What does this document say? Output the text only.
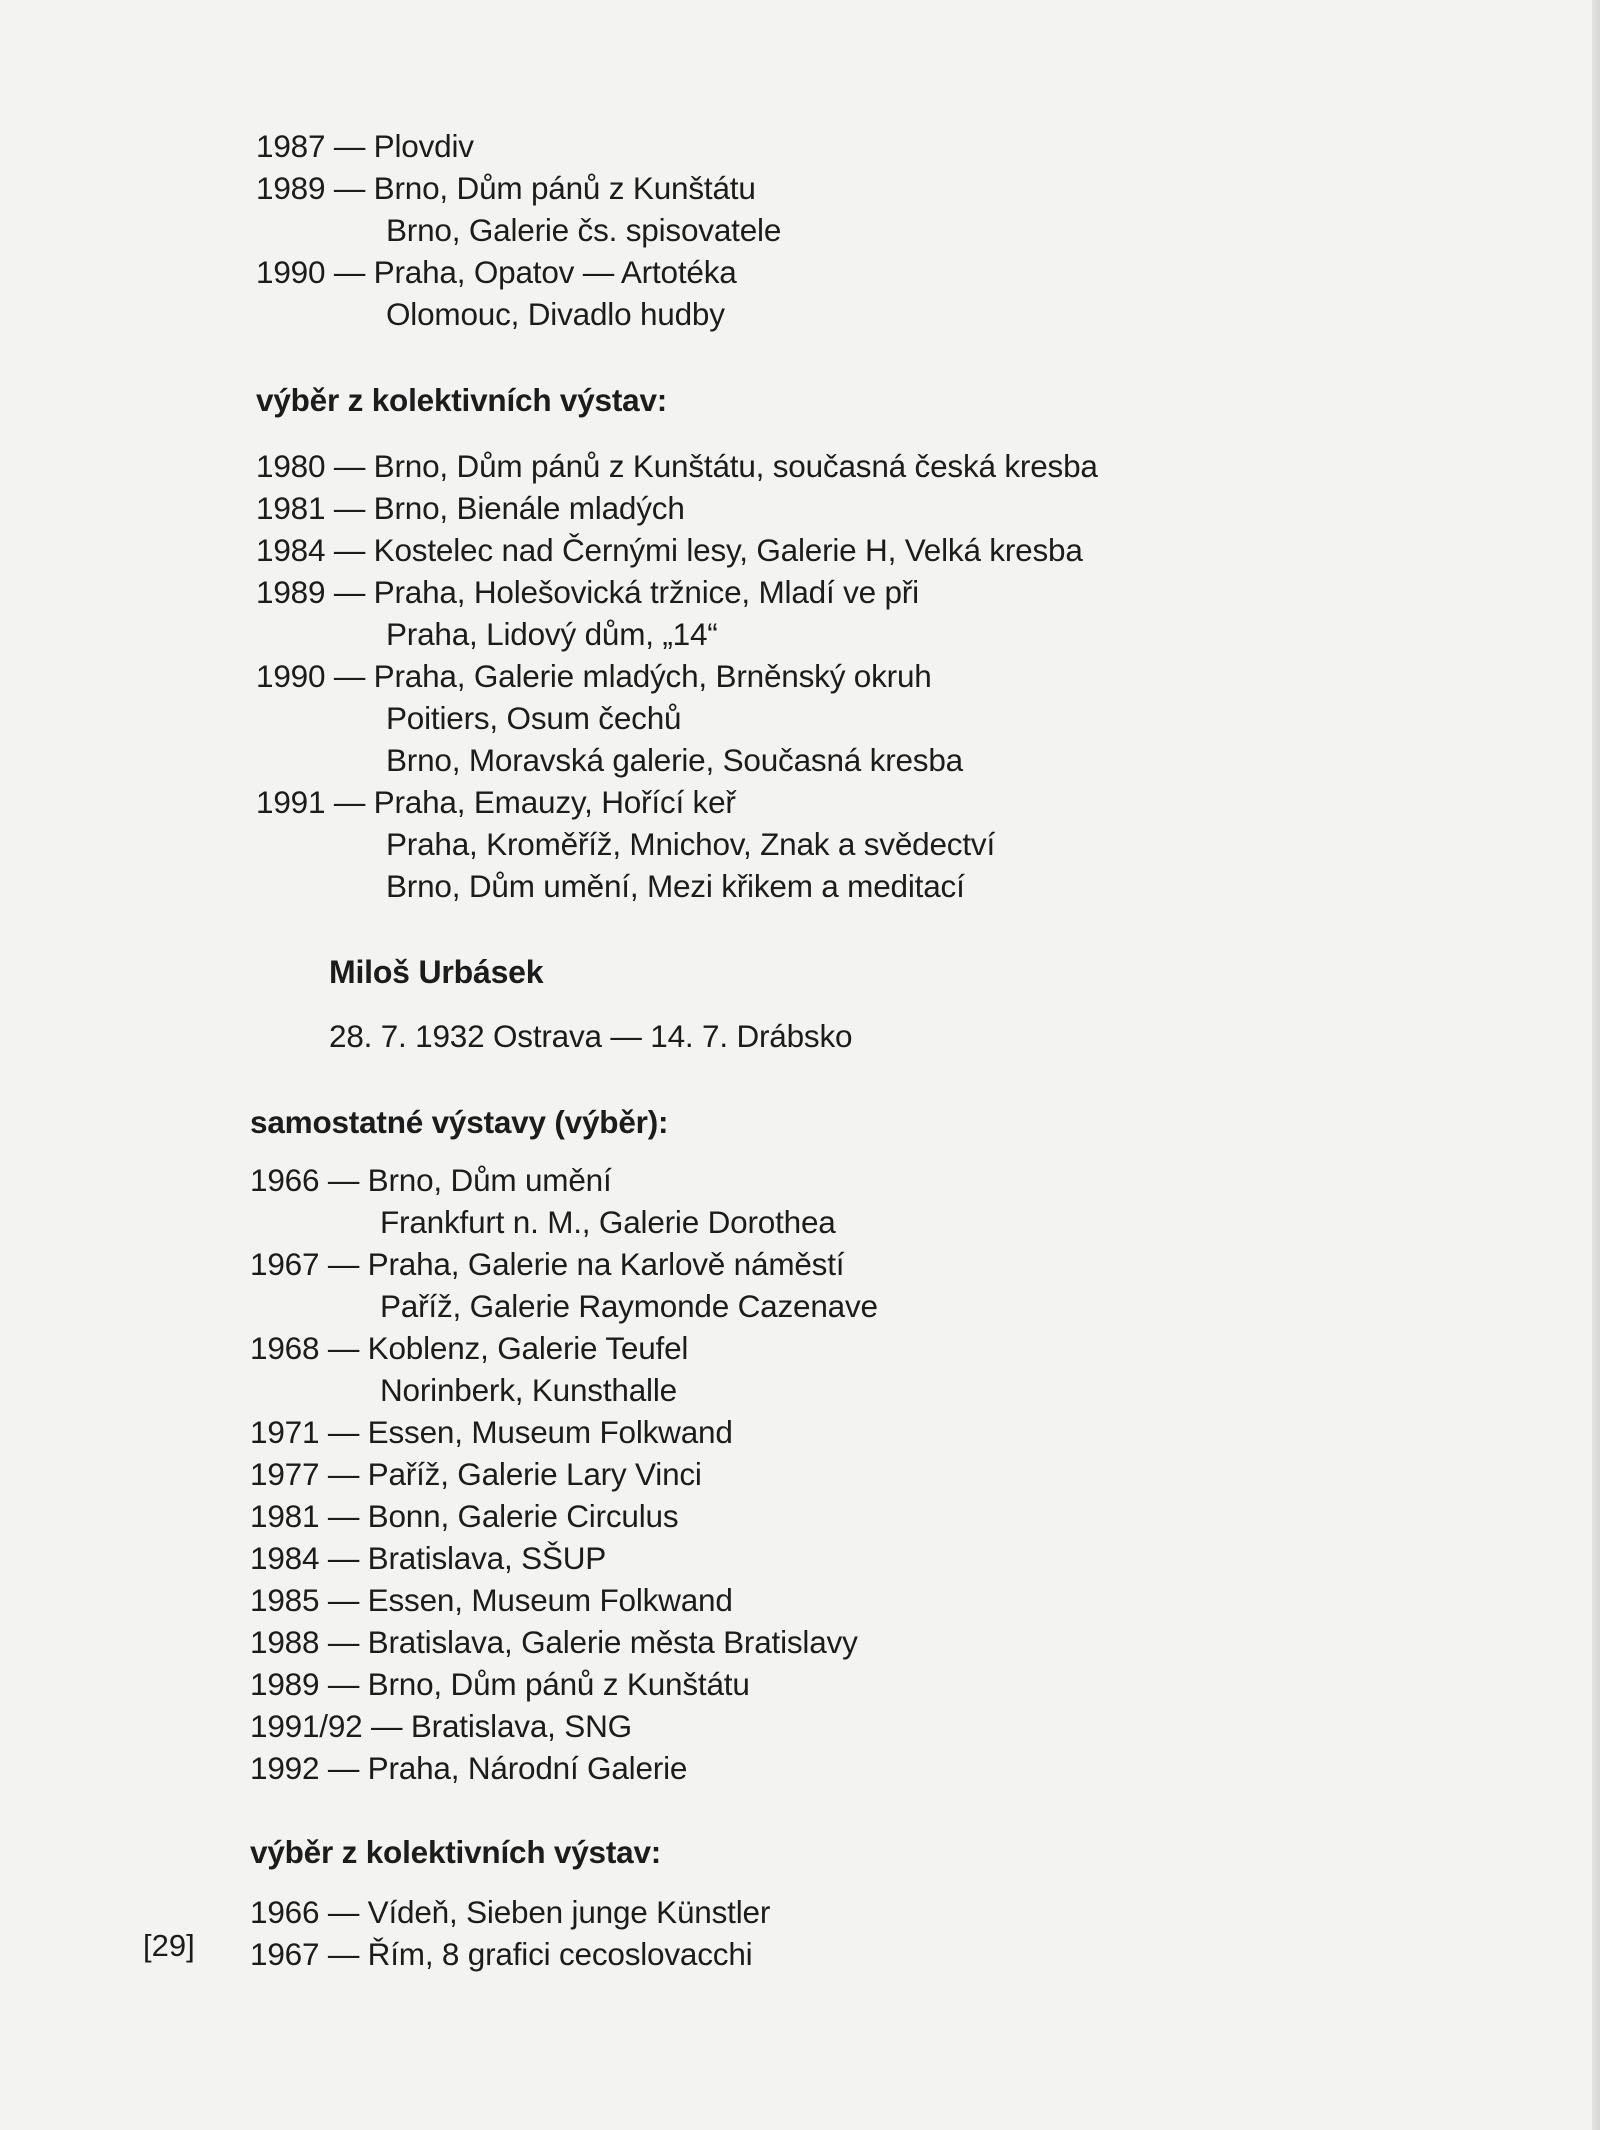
1987 — Plovdiv
1989 — Brno, Dům pánů z Kunštátu
Brno, Galerie čs. spisovatele
1990 — Praha, Opatov — Artotéka
Olomouc, Divadlo hudby
výběr z kolektivních výstav:
1980 — Brno, Dům pánů z Kunštátu, současná česká kresba
1981 — Brno, Bienále mladých
1984 — Kostelec nad Černými lesy, Galerie H, Velká kresba
1989 — Praha, Holešovická tržnice, Mladí ve při
Praha, Lidový dům, „14“
1990 — Praha, Galerie mladých, Brněnský okruh
Poitiers, Osum čechů
Brno, Moravská galerie, Současná kresba
1991 — Praha, Emauzy, Hořící keř
Praha, Kroměříž, Mnichov, Znak a svědectví
Brno, Dům umění, Mezi křikem a meditací
Miloš Urbásek
28. 7. 1932 Ostrava — 14. 7. Drábsko
samostatné výstavy (výběr):
1966 — Brno, Dům umění
Frankfurt n. M., Galerie Dorothea
1967 — Praha, Galerie na Karlově náměstí
Paříž, Galerie Raymonde Cazenave
1968 — Koblenz, Galerie Teufel
Norinberk, Kunsthalle
1971 — Essen, Museum Folkwand
1977 — Paříž, Galerie Lary Vinci
1981 — Bonn, Galerie Circulus
1984 — Bratislava, SŠUP
1985 — Essen, Museum Folkwand
1988 — Bratislava, Galerie města Bratislavy
1989 — Brno, Dům pánů z Kunštátu
1991/92 — Bratislava, SNG
1992 — Praha, Národní Galerie
výběr z kolektivních výstav:
1966 — Vídeň, Sieben junge Künstler
1967 — Řím, 8 grafici cecoslovacchi
[29]
